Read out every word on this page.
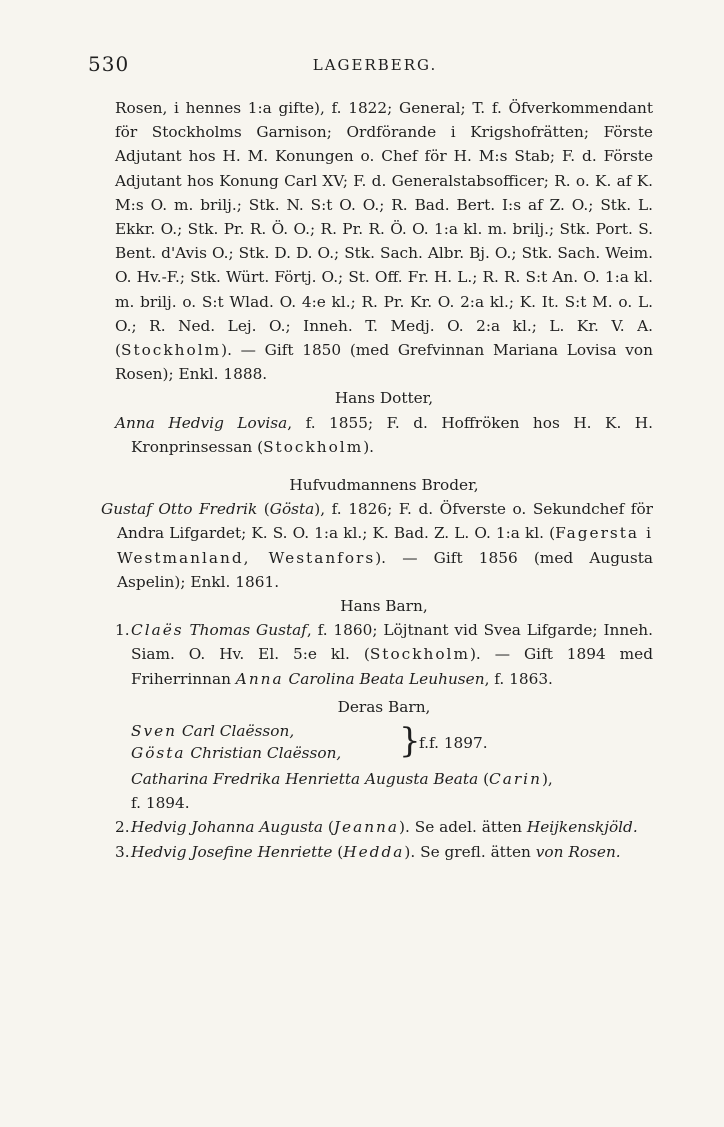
530	LAGERBERG.

Rosen, i hennes 1:a gifte), f. 1822; General; T. f. Öfverkommendant för Stockholms Garnison; Ordförande i Krigshofrätten; Förste Adjutant hos H. M. Konungen o. Chef för H. M:s Stab; F. d. Förste Adjutant hos Konung Carl XV; F. d. Generalstabsofficer; R. o. K. af K. M:s O. m. brilj.; Stk. N. S:t O. O.; R. Bad. Bert. I:s af Z. O.; Stk. L. Ekkr. O.; Stk. Pr. R. Ö. O.; R. Pr. R. Ö. O. 1:a kl. m. brilj.; Stk. Port. S. Bent. d'Avis O.; Stk. D. D. O.; Stk. Sach. Albr. Bj. O.; Stk. Sach. Weim. O. Hv.-F.; Stk. Würt. Förtj. O.; St. Off. Fr. H. L.; R. R. S:t An. O. 1:a kl. m. brilj. o. S:t Wlad. O. 4:e kl.; R. Pr. Kr. O. 2:a kl.; K. It. S:t M. o. L. O.; R. Ned. Lej. O.; Inneh. T. Medj. O. 2:a kl.; L. Kr. V. A. (Stockholm). — Gift 1850 (med Grefvinnan Mariana Lovisa von Rosen); Enkl. 1888.

Hans Dotter,

Anna Hedvig Lovisa, f. 1855; F. d. Hoffröken hos H. K. H. Kronprinsessan (Stockholm).

Hufvudmannens Broder,

Gustaf Otto Fredrik (Gösta), f. 1826; F. d. Öfverste o. Sekundchef för Andra Lifgardet; K. S. O. 1:a kl.; K. Bad. Z. L. O. 1:a kl. (Fagersta i Westmanland, Westanfors). — Gift 1856 (med Augusta Aspelin); Enkl. 1861.

Hans Barn,

1.Claës Thomas Gustaf, f. 1860; Löjtnant vid Svea Lifgarde; Inneh. Siam. O. Hv. El. 5:e kl. (Stockholm). — Gift 1894 med Friherrinnan Anna Carolina Beata Leuhusen, f. 1863.

Deras Barn,

Sven Carl Claësson,
Gösta Christian Claësson, }
f.f. 1897.

Catharina Fredrika Henrietta Augusta Beata (Carin),

f. 1894.

2.Hedvig Johanna Augusta (Jeanna). Se adel. ätten Heijkenskjöld.

3.Hedvig Josefine Henriette (Hedda). Se grefl. ätten von Rosen.
